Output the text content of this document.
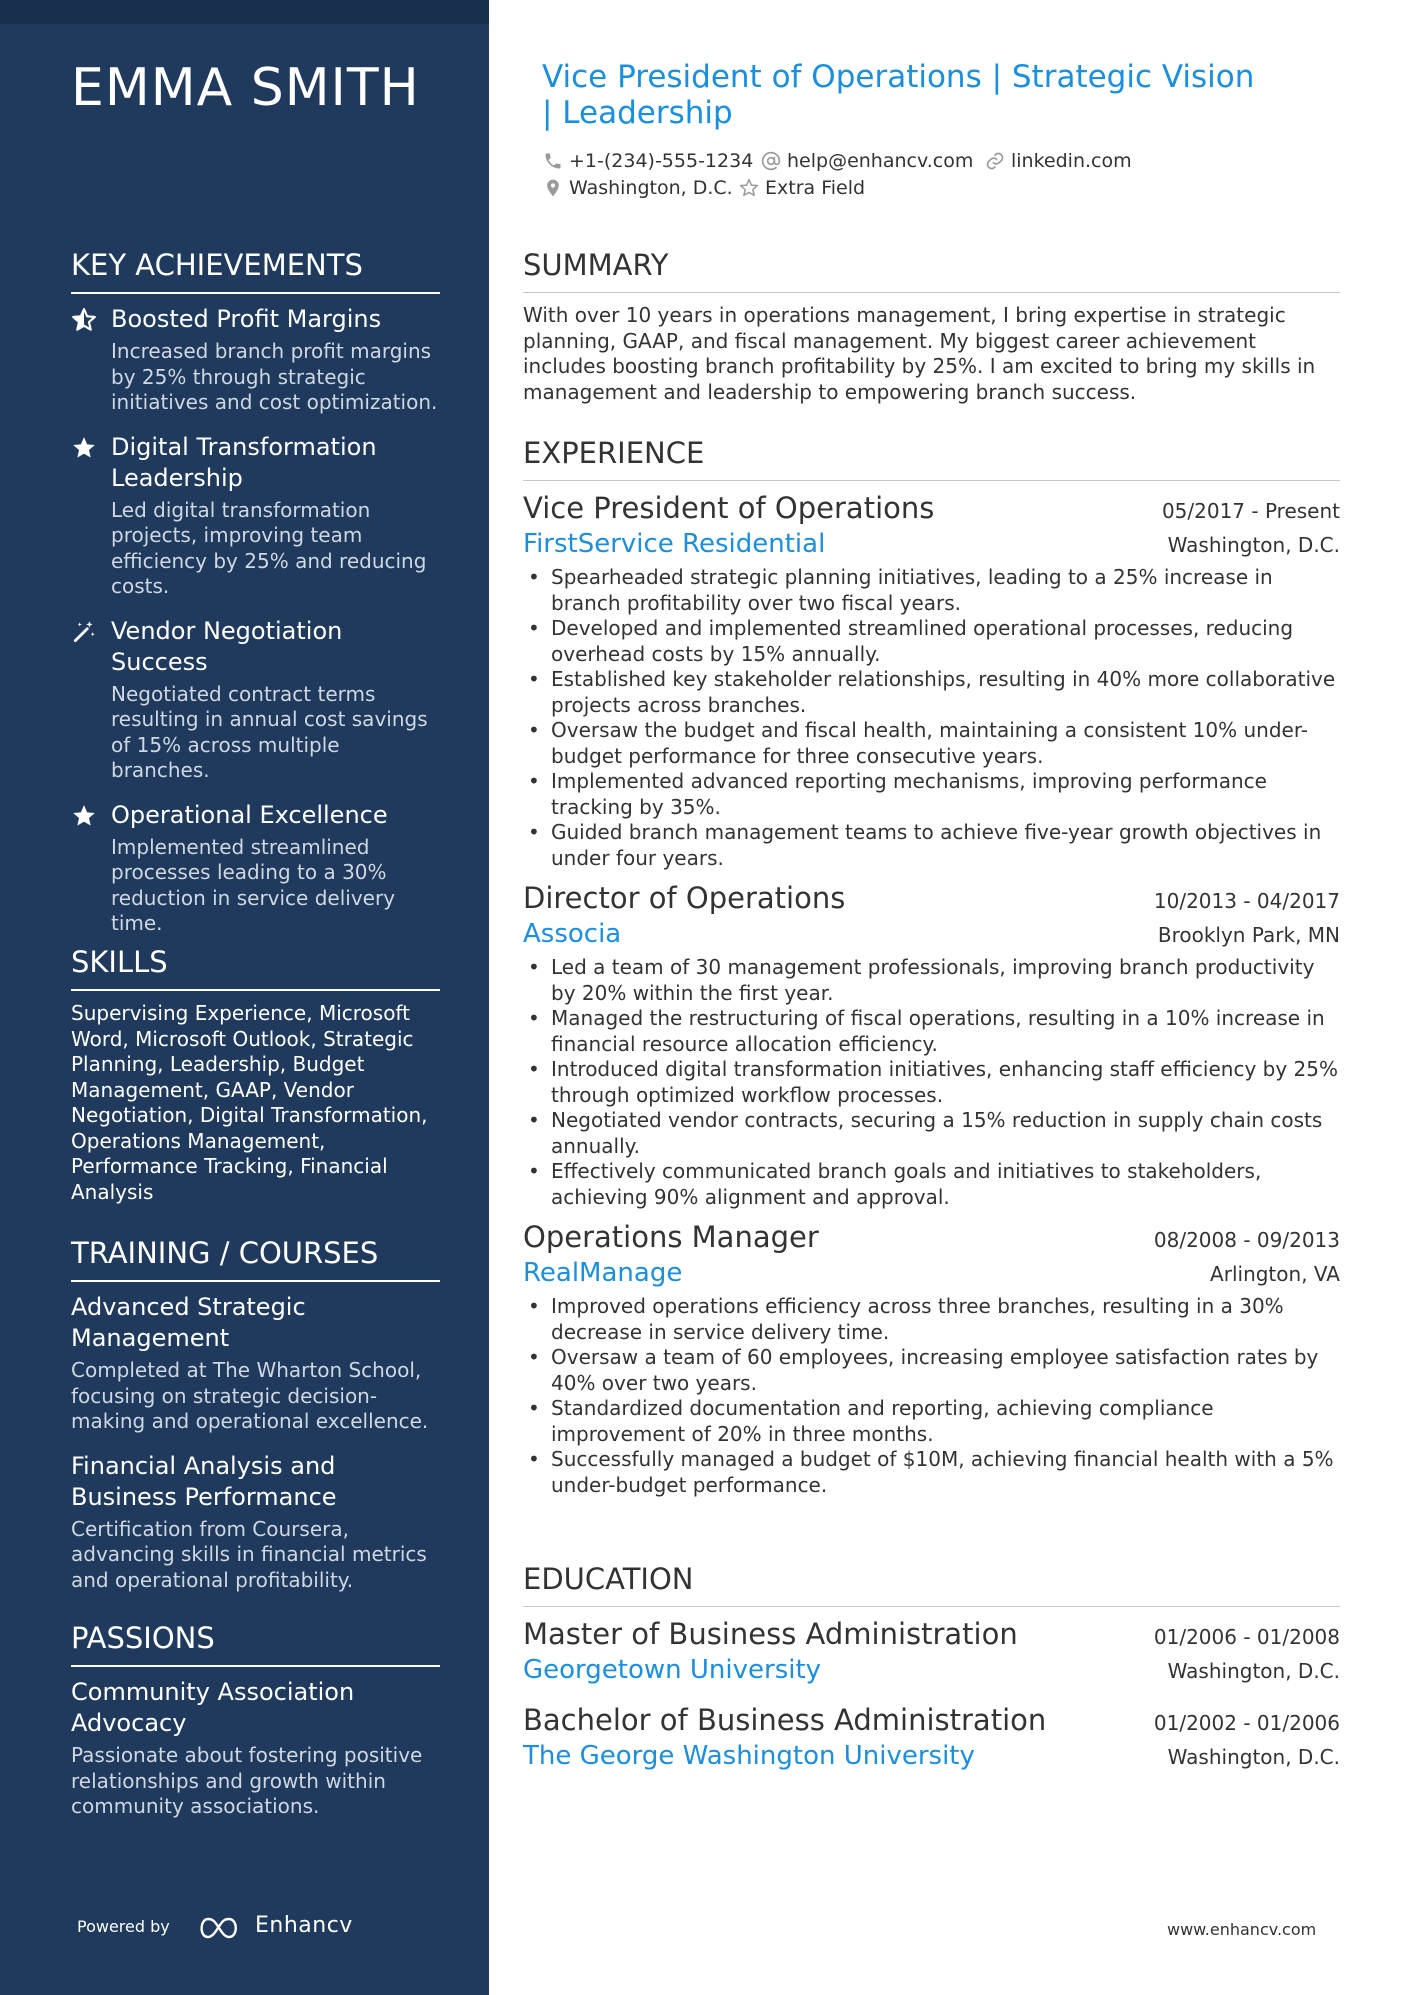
EMMA SMITH
KEY ACHIEVEMENTS
Boosted Profit Margins
Increased branch profit margins by 25% through strategic initiatives and cost optimization.
Digital Transformation Leadership
Led digital transformation projects, improving team efficiency by 25% and reducing costs.
Vendor Negotiation Success
Negotiated contract terms resulting in annual cost savings of 15% across multiple branches.
Operational Excellence
Implemented streamlined processes leading to a 30% reduction in service delivery time.
SKILLS
Supervising Experience, Microsoft Word, Microsoft Outlook, Strategic Planning, Leadership, Budget Management, GAAP, Vendor Negotiation, Digital Transformation, Operations Management, Performance Tracking, Financial Analysis
TRAINING / COURSES
Advanced Strategic Management
Completed at The Wharton School, focusing on strategic decision-making and operational excellence.
Financial Analysis and Business Performance
Certification from Coursera, advancing skills in financial metrics and operational profitability.
PASSIONS
Community Association Advocacy
Passionate about fostering positive relationships and growth within community associations.
Powered by	Enhancv
Vice President of Operations | Strategic Vision | Leadership
+1-(234)-555-1234 help@enhancv.com linkedin.com
Washington, D.C. Extra Field
SUMMARY
With over 10 years in operations management, I bring expertise in strategic planning, GAAP, and fiscal management. My biggest career achievement includes boosting branch profitability by 25%. I am excited to bring my skills in management and leadership to empowering branch success.
EXPERIENCE
Vice President of Operations	05/2017 - Present
FirstService Residential	Washington, D.C.
• Spearheaded strategic planning initiatives, leading to a 25% increase in branch profitability over two fiscal years.
• Developed and implemented streamlined operational processes, reducing overhead costs by 15% annually.
• Established key stakeholder relationships, resulting in 40% more collaborative projects across branches.
• Oversaw the budget and fiscal health, maintaining a consistent 10% under-budget performance for three consecutive years.
• Implemented advanced reporting mechanisms, improving performance tracking by 35%.
• Guided branch management teams to achieve five-year growth objectives in under four years.
Director of Operations	10/2013 - 04/2017
Associa	Brooklyn Park, MN
• Led a team of 30 management professionals, improving branch productivity by 20% within the first year.
• Managed the restructuring of fiscal operations, resulting in a 10% increase in financial resource allocation efficiency.
• Introduced digital transformation initiatives, enhancing staff efficiency by 25% through optimized workflow processes.
• Negotiated vendor contracts, securing a 15% reduction in supply chain costs annually.
• Effectively communicated branch goals and initiatives to stakeholders, achieving 90% alignment and approval.
Operations Manager	08/2008 - 09/2013
RealManage	Arlington, VA
• Improved operations efficiency across three branches, resulting in a 30% decrease in service delivery time.
• Oversaw a team of 60 employees, increasing employee satisfaction rates by 40% over two years.
• Standardized documentation and reporting, achieving compliance improvement of 20% in three months.
• Successfully managed a budget of $10M, achieving financial health with a 5% under-budget performance.
EDUCATION
Master of Business Administration	01/2006 - 01/2008
Georgetown University	Washington, D.C.
Bachelor of Business Administration	01/2002 - 01/2006
The George Washington University	Washington, D.C.
www.enhancv.com
